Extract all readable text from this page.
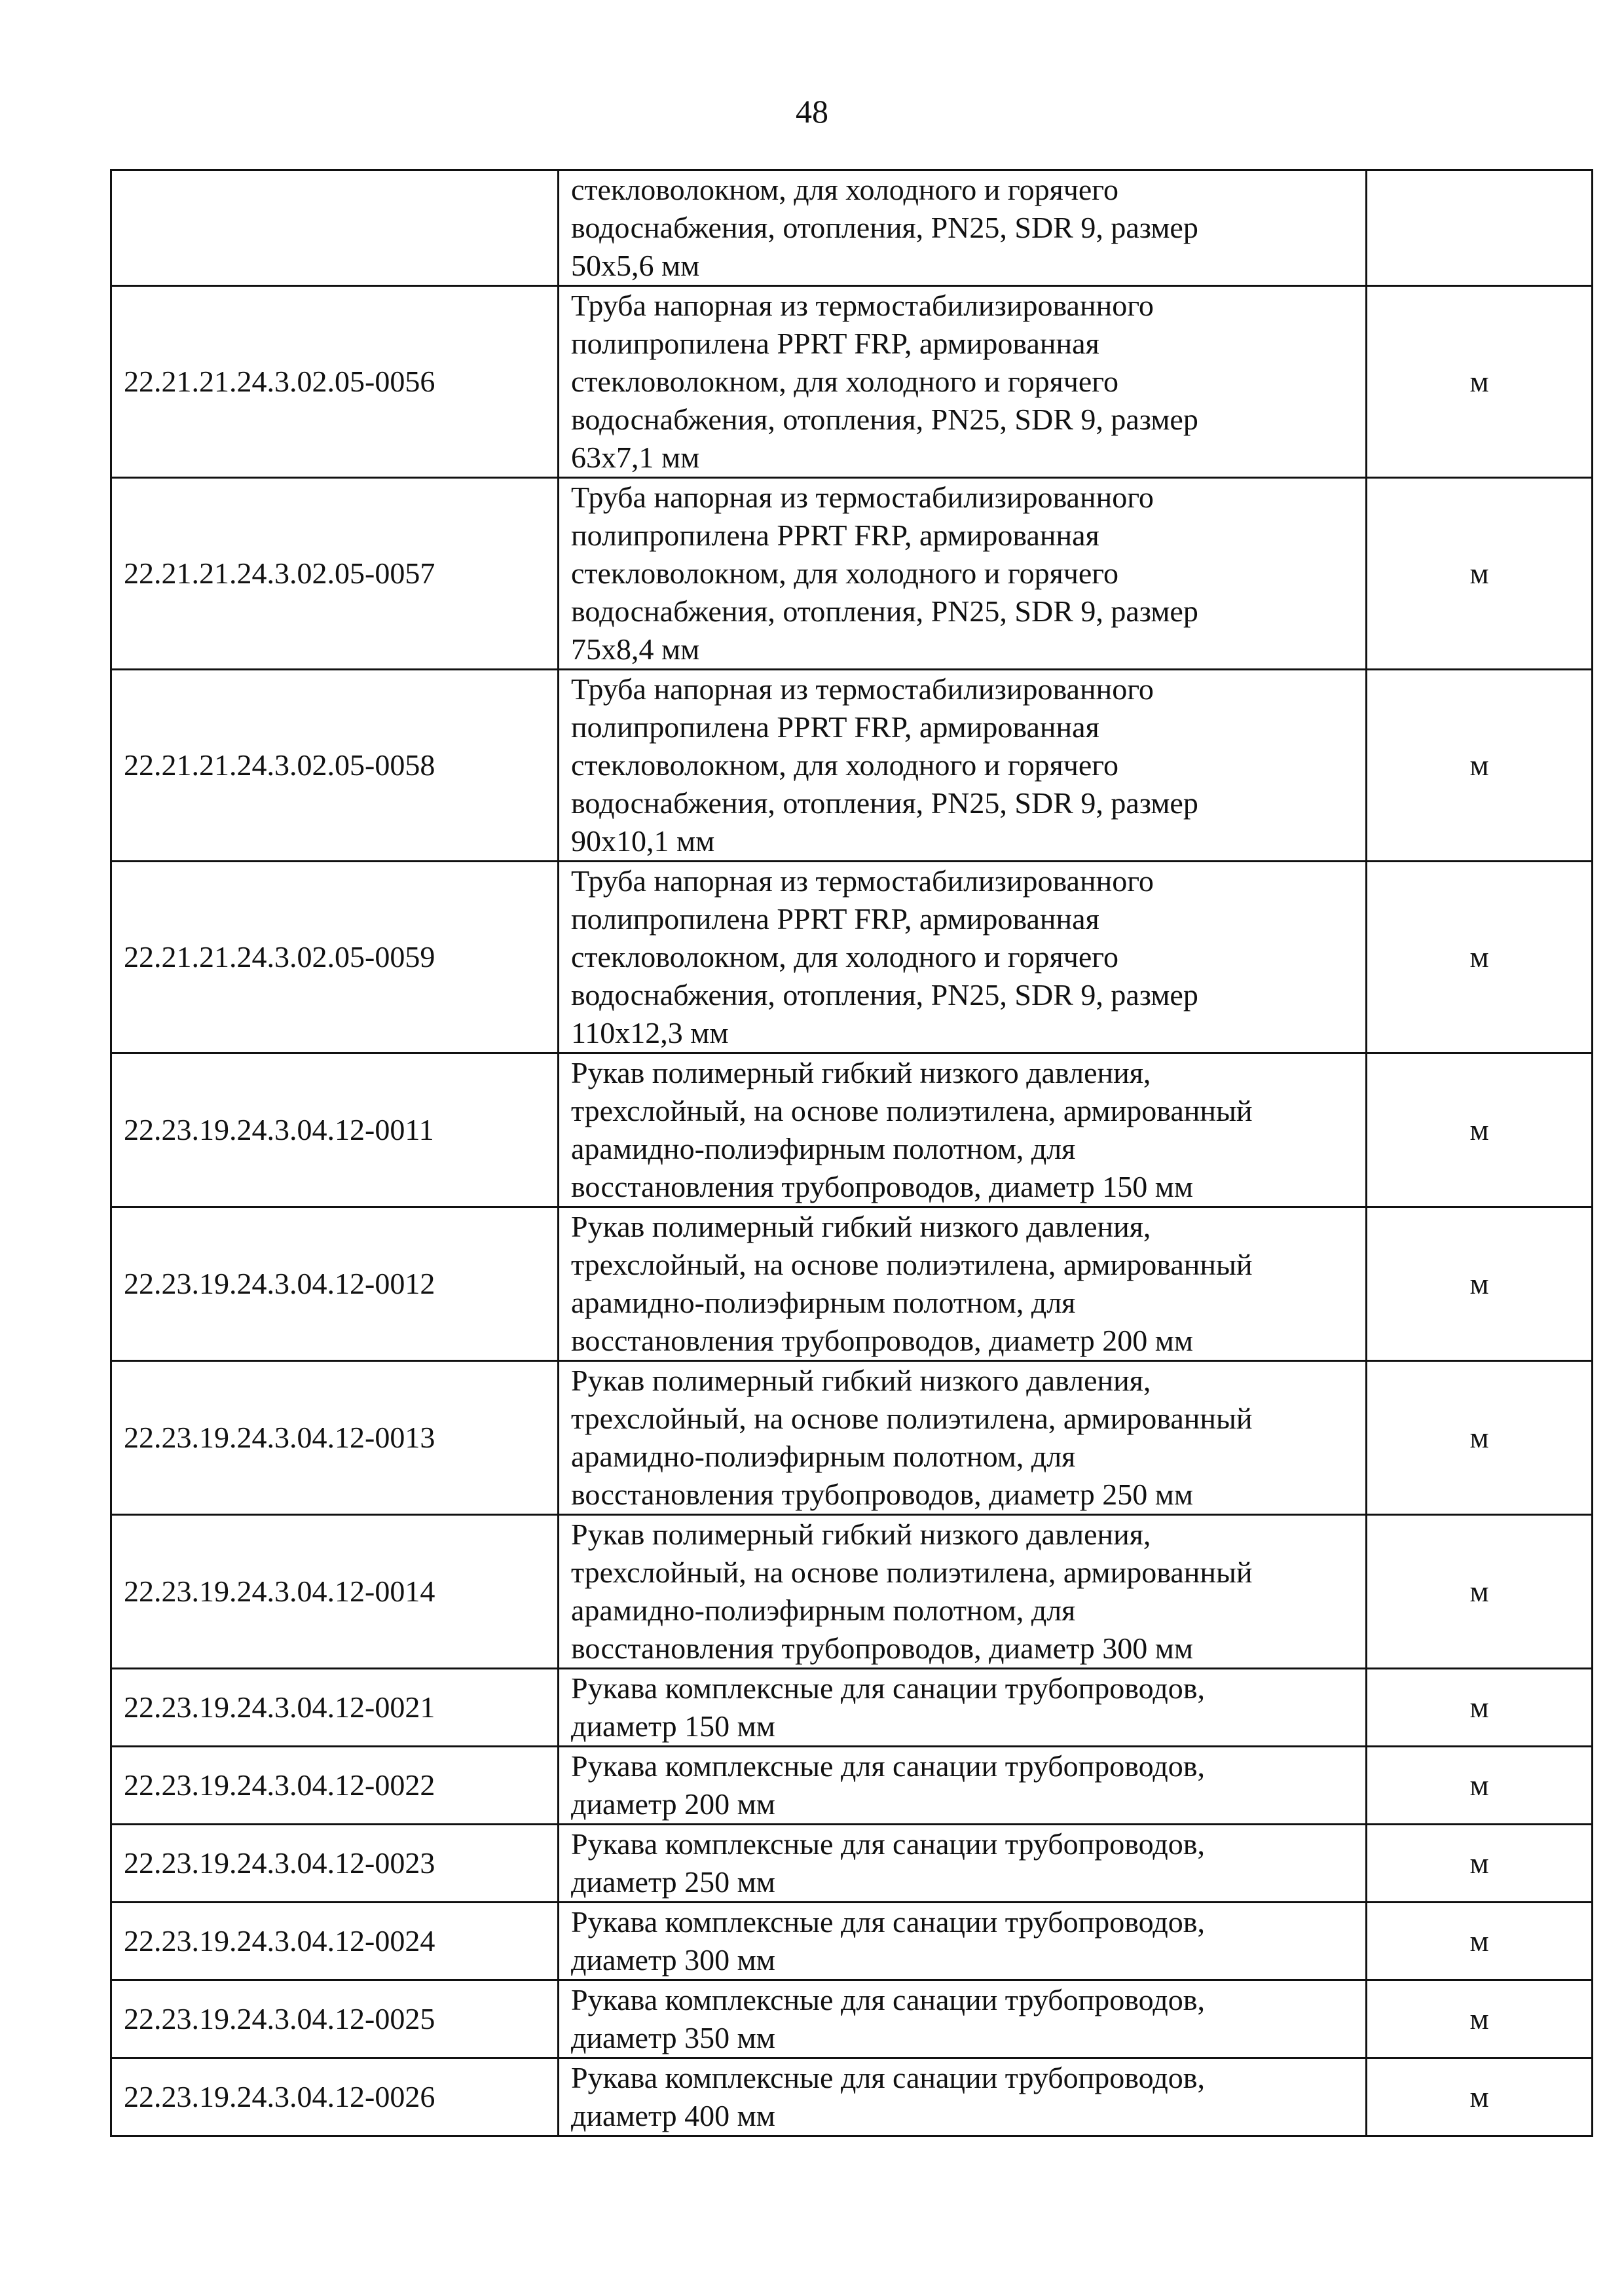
48

	стекловолокном, для холодного и горячего
водоснабжения, отопления, PN25, SDR 9, размер
50х5,6 мм	

22.21.21.24.3.02.05-0056	Труба напорная из термостабилизированного
полипропилена PPRT FRP, армированная
стекловолокном, для холодного и горячего
водоснабжения, отопления, PN25, SDR 9, размер
63х7,1 мм	м
22.21.21.24.3.02.05-0057	Труба напорная из термостабилизированного
полипропилена PPRT FRP, армированная
стекловолокном, для холодного и горячего
водоснабжения, отопления, PN25, SDR 9, размер
75х8,4 мм	м
22.21.21.24.3.02.05-0058	Труба напорная из термостабилизированного
полипропилена PPRT FRP, армированная
стекловолокном, для холодного и горячего
водоснабжения, отопления, PN25, SDR 9, размер
90х10,1 мм	м
22.21.21.24.3.02.05-0059	Труба напорная из термостабилизированного
полипропилена PPRT FRP, армированная
стекловолокном, для холодного и горячего
водоснабжения, отопления, PN25, SDR 9, размер
110х12,3 мм	м
22.23.19.24.3.04.12-0011	Рукав полимерный гибкий низкого давления,
трехслойный, на основе полиэтилена, армированный
арамидно-полиэфирным полотном, для
восстановления трубопроводов, диаметр 150 мм	м
22.23.19.24.3.04.12-0012	Рукав полимерный гибкий низкого давления,
трехслойный, на основе полиэтилена, армированный
арамидно-полиэфирным полотном, для
восстановления трубопроводов, диаметр 200 мм	м
22.23.19.24.3.04.12-0013	Рукав полимерный гибкий низкого давления,
трехслойный, на основе полиэтилена, армированный
арамидно-полиэфирным полотном, для
восстановления трубопроводов, диаметр 250 мм	м
22.23.19.24.3.04.12-0014	Рукав полимерный гибкий низкого давления,
трехслойный, на основе полиэтилена, армированный
арамидно-полиэфирным полотном, для
восстановления трубопроводов, диаметр 300 мм	м
22.23.19.24.3.04.12-0021	Рукава комплексные для санации трубопроводов,
диаметр 150 мм	м
22.23.19.24.3.04.12-0022	Рукава комплексные для санации трубопроводов,
диаметр 200 мм	м
22.23.19.24.3.04.12-0023	Рукава комплексные для санации трубопроводов,
диаметр 250 мм	м
22.23.19.24.3.04.12-0024	Рукава комплексные для санации трубопроводов,
диаметр 300 мм	м
22.23.19.24.3.04.12-0025	Рукава комплексные для санации трубопроводов,
диаметр 350 мм	м
22.23.19.24.3.04.12-0026	Рукава комплексные для санации трубопроводов,
диаметр 400 мм	м
